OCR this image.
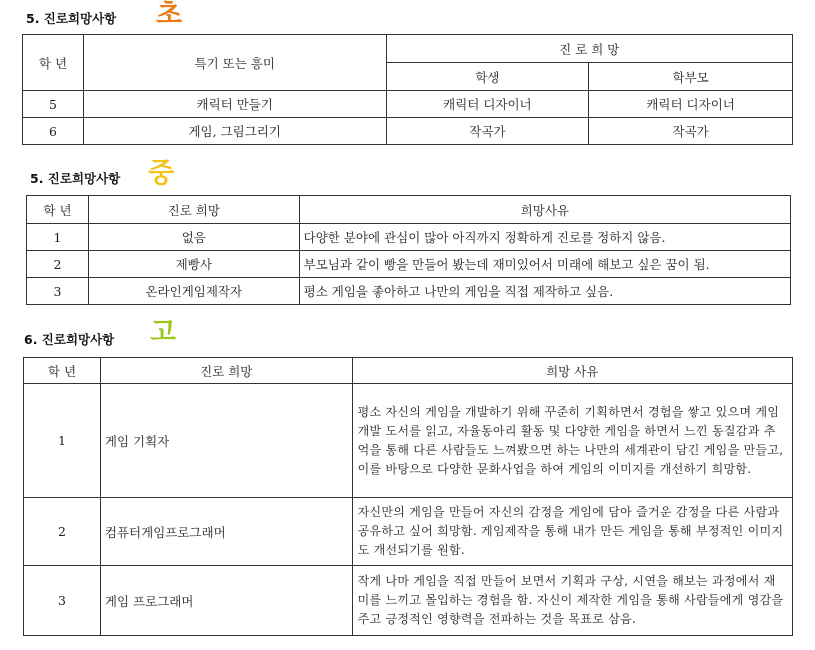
5. 진로희망사항 초
학 년	특기 또는 흥미	진 로 희 망	
		학생	학부모
5	캐릭터 만들기	캐릭터 디자이너	캐릭터 디자이너
6	게임, 그림그리기	작곡가	작곡가
5. 진로희망사항 중
학 년	진로 희망	희망사유
1	없음	다양한 분야에 관심이 많아 아직까지 정확하게 진로를 정하지 않음.
2	제빵사	부모님과 같이 빵을 만들어 봤는데 재미있어서 미래에 해보고 싶은 꿈이 됨.
3	온라인게임제작자	평소 게임을 좋아하고 나만의 게임을 직접 제작하고 싶음.
6. 진로희망사항 고
학 년	진로 희망	희망 사유
1	게임 기획자	평소 자신의 게임을 개발하기 위해 꾸준히 기획하면서 경험을 쌓고 있으며 게임 개발 도서를 읽고, 자율동아리 활동 및 다양한 게임을 하면서 느낀 동질감과 추억을 통해 다른 사람들도 느껴봤으면 하는 나만의 세계관이 담긴 게임을 만들고, 이를 바탕으로 다양한 문화사업을 하여 게임의 이미지를 개선하기 희망함.
2	컴퓨터게임프로그래머	자신만의 게임을 만들어 자신의 감정을 게임에 담아 즐거운 감정을 다른 사람과 공유하고 싶어 희망함. 게임제작을 통해 내가 만든 게임을 통해 부정적인 이미지도 개선되기를 원함.
3	게임 프로그래머	작게 나마 게임을 직접 만들어 보면서 기획과 구상, 시연을 해보는 과정에서 재미를 느끼고 몰입하는 경험을 함. 자신이 제작한 게임을 통해 사람들에게 영감을 주고 긍정적인 영향력을 전파하는 것을 목표로 삼음.
